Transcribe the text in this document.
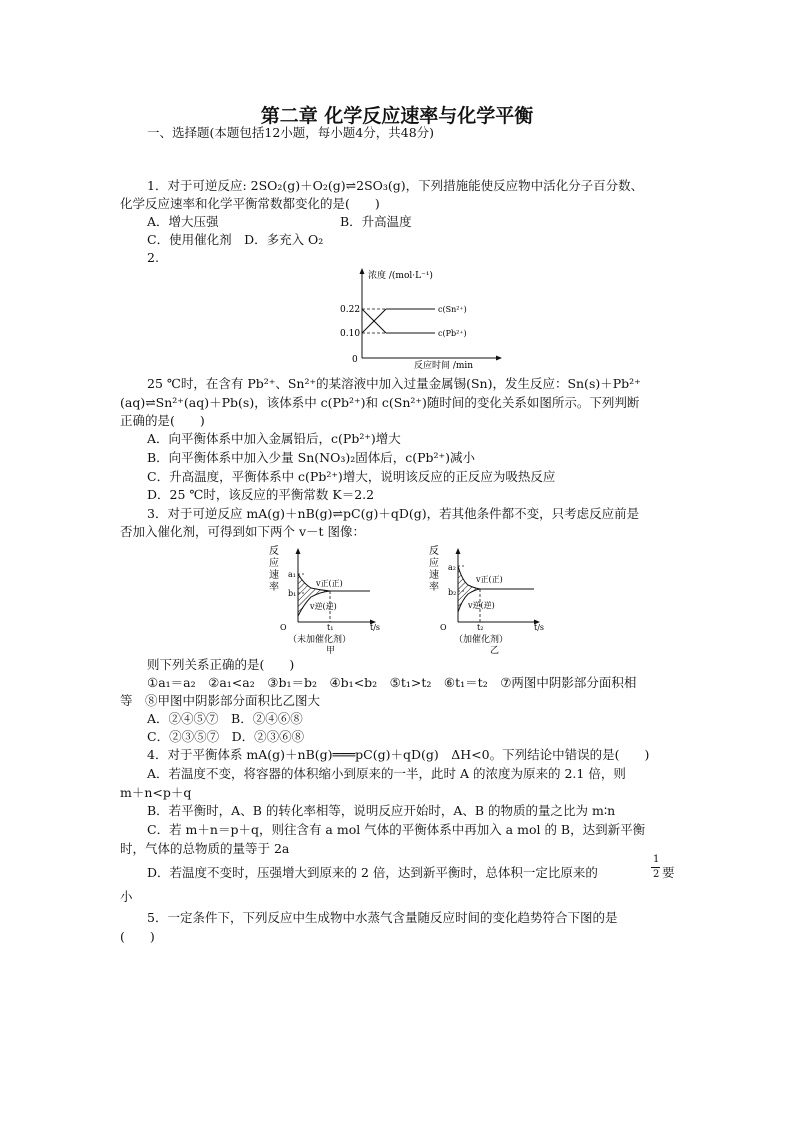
第二章 化学反应速率与化学平衡
一、选择题(本题包括12小题，每小题4分，共48分)
1．对于可逆反应: 2SO₂(g)＋O₂(g)⇌2SO₃(g)，下列措施能使反应物中活化分子百分数、
化学反应速率和化学平衡常数都变化的是(　　)
A．增大压强	B．升高温度
C．使用催化剂　D．多充入 O₂
2.
浓度 /(mol·L⁻¹)
反应时间 /min
0
0.22
0.10
c(Sn²⁺)
c(Pb²⁺)
25 ℃时，在含有 Pb²⁺、Sn²⁺的某溶液中加入过量金属锡(Sn)，发生反应：Sn(s)＋Pb²⁺
(aq)⇌Sn²⁺(aq)＋Pb(s)，该体系中 c(Pb²⁺)和 c(Sn²⁺)随时间的变化关系如图所示。下列判断
正确的是(　　)
A．向平衡体系中加入金属铅后，c(Pb²⁺)增大
B．向平衡体系中加入少量 Sn(NO₃)₂固体后，c(Pb²⁺)减小
C．升高温度，平衡体系中 c(Pb²⁺)增大，说明该反应的正反应为吸热反应
D．25 ℃时，该反应的平衡常数 K＝2.2
3．对于可逆反应 mA(g)＋nB(g)⇌pC(g)＋qD(g)，若其他条件都不变，只考虑反应前是
否加入催化剂，可得到如下两个 v－t 图像：
反
应
速
率
a₁
b₁
v正(正)
v逆(逆)
O	t₁	t/s
（未加催化剂）
甲
反
应
速
率
a₂
b₂
v正(正)
v逆(逆)
O	t₂	t/s
（加催化剂）
乙
则下列关系正确的是(　　)
①a₁＝a₂　②a₁<a₂　③b₁＝b₂　④b₁<b₂　⑤t₁>t₂　⑥t₁＝t₂　⑦两图中阴影部分面积相
等　⑧甲图中阴影部分面积比乙图大
A．②④⑤⑦　B．②④⑥⑧
C．②③⑤⑦　D．②③⑥⑧
4．对于平衡体系 mA(g)＋nB(g)═══pC(g)＋qD(g)　ΔH<0。下列结论中错误的是(　　)
A．若温度不变，将容器的体积缩小到原来的一半，此时 A 的浓度为原来的 2.1 倍，则
m＋n<p＋q
B．若平衡时，A、B 的转化率相等，说明反应开始时，A、B 的物质的量之比为 m∶n
C．若 m＋n＝p＋q，则往含有 a mol 气体的平衡体系中再加入 a mol 的 B，达到新平衡
时，气体的总物质的量等于 2a
D．若温度不变时，压强增大到原来的 2 倍，达到新平衡时，总体积一定比原来的
1
2 要
小
5．一定条件下，下列反应中生成物中水蒸气含量随反应时间的变化趋势符合下图的是
(　　)
